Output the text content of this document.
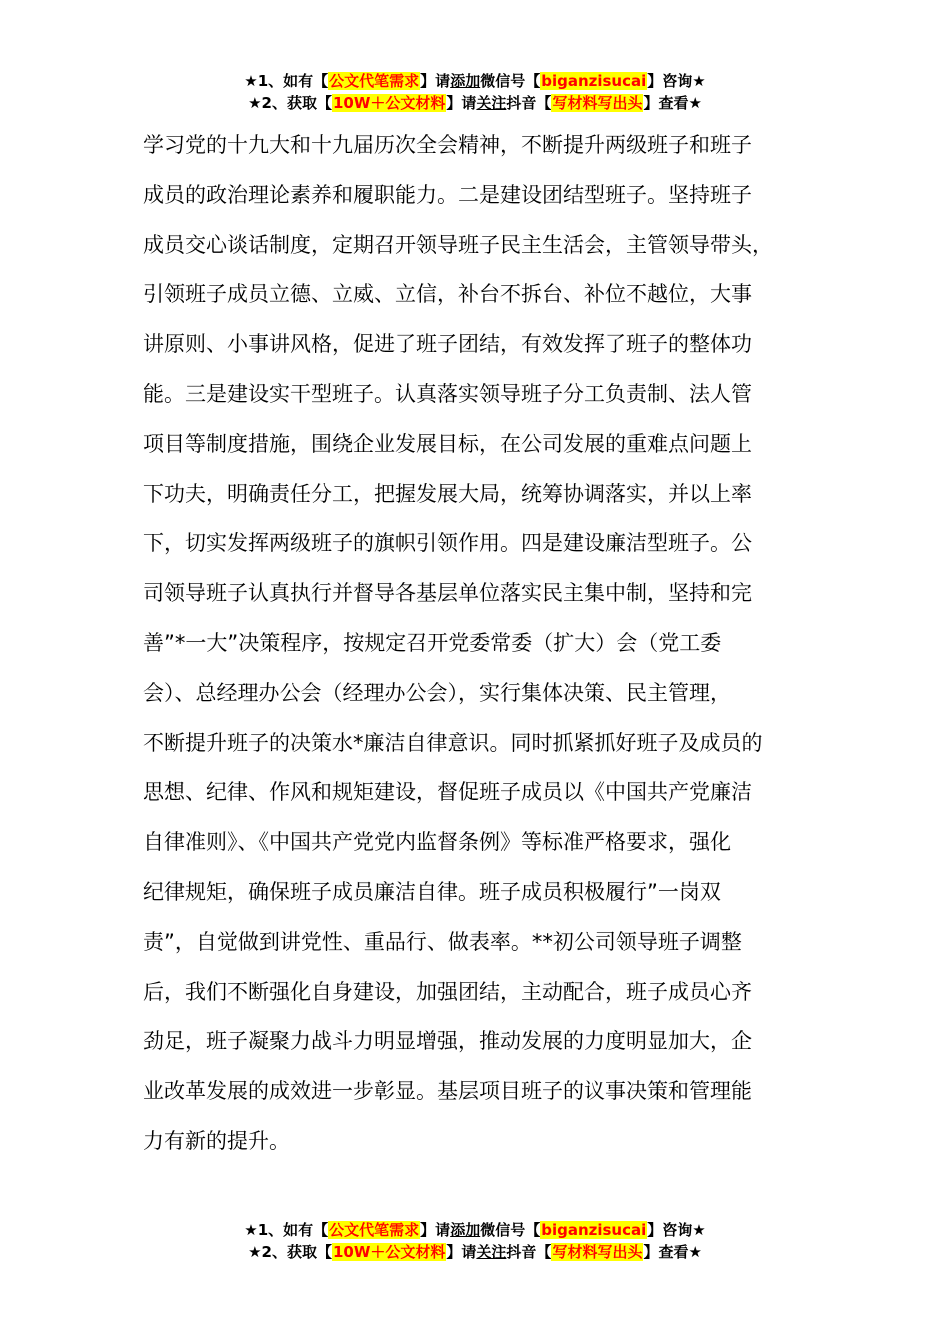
★1、如有【公文代笔需求】请添加微信号【biganzisucai】咨询★
★2、获取【10W＋公文材料】请关注抖音【写材料写出头】查看★
学习党的十九大和十九届历次全会精神，不断提升两级班子和班子
成员的政治理论素养和履职能力。二是建设团结型班子。坚持班子
成员交心谈话制度，定期召开领导班子民主生活会，主管领导带头，
引领班子成员立德、立威、立信，补台不拆台、补位不越位，大事
讲原则、小事讲风格，促进了班子团结，有效发挥了班子的整体功
能。三是建设实干型班子。认真落实领导班子分工负责制、法人管
项目等制度措施，围绕企业发展目标，在公司发展的重难点问题上
下功夫，明确责任分工，把握发展大局，统筹协调落实，并以上率
下，切实发挥两级班子的旗帜引领作用。四是建设廉洁型班子。公
司领导班子认真执行并督导各基层单位落实民主集中制，坚持和完
善”*一大”决策程序，按规定召开党委常委（扩大）会（党工委
会）、总经理办公会（经理办公会），实行集体决策、民主管理，
不断提升班子的决策水*廉洁自律意识。同时抓紧抓好班子及成员的
思想、纪律、作风和规矩建设，督促班子成员以《中国共产党廉洁
自律准则》、《中国共产党党内监督条例》等标准严格要求，强化
纪律规矩，确保班子成员廉洁自律。班子成员积极履行”一岗双
责”，自觉做到讲党性、重品行、做表率。**初公司领导班子调整
后，我们不断强化自身建设，加强团结，主动配合，班子成员心齐
劲足，班子凝聚力战斗力明显增强，推动发展的力度明显加大，企
业改革发展的成效进一步彰显。基层项目班子的议事决策和管理能
力有新的提升。
★1、如有【公文代笔需求】请添加微信号【biganzisucai】咨询★
★2、获取【10W＋公文材料】请关注抖音【写材料写出头】查看★
